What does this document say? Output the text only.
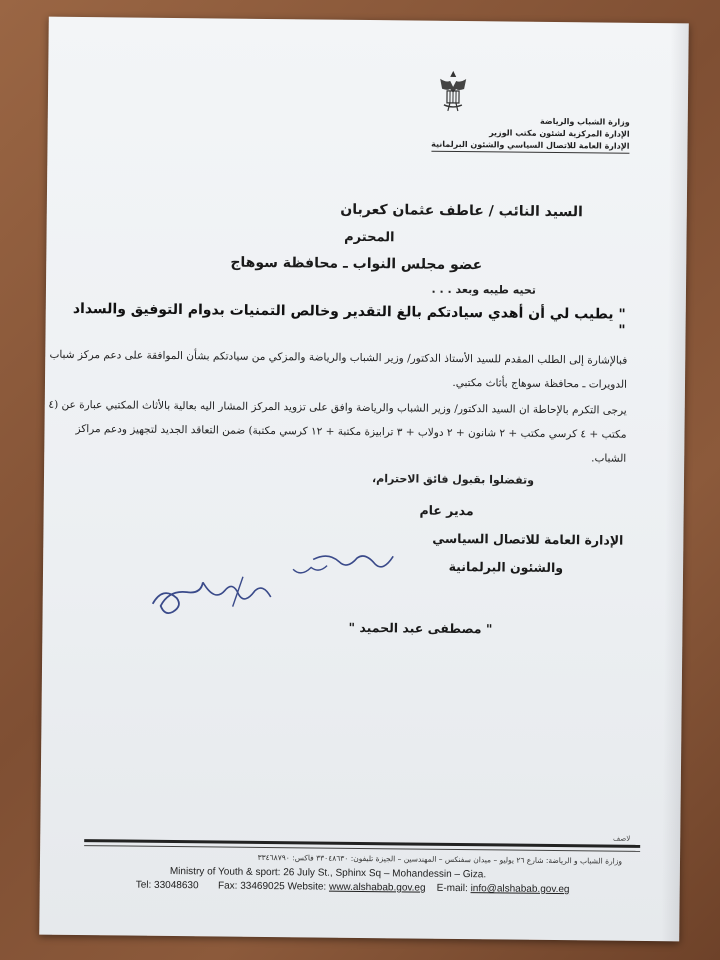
وزارة الشباب والرياضة
الإدارة المركزية لشئون مكتب الوزير
الإدارة العامة للاتصال السياسي والشئون البرلمانية
السيد النائب / عاطف عثمان كعربان
المحترم
عضو مجلس النواب ـ محافظة سوهاج
تحيه طيبه وبعد . . .
" يطيب لي أن أهدي سيادتكم بالغ التقدير وخالص التمنيات بدوام التوفيق والسداد "
فبالإشارة إلى الطلب المقدم للسيد الأستاذ الدكتور/ وزير الشباب والرياضة والمزكي من سيادتكم بشأن الموافقة على دعم مركز شباب الدويرات ـ محافظة سوهاج بأثاث مكتبي.
يرجى التكرم بالإحاطة ان السيد الدكتور/ وزير الشباب والرياضة وافق على تزويد المركز المشار اليه بعالية بالأثاث المكتبي عبارة عن (٤ مكتب + ٤ كرسي مكتب + ٢ شانون + ٢ دولاب + ٣ ترابيزة مكتبة + ١٢ كرسي مكتبة) ضمن التعاقد الجديد لتجهيز ودعم مراكز الشباب.
وتفضلوا بقبول فائق الاحترام،
مدير عام
الإدارة العامة للاتصال السياسي
والشئون البرلمانية
" مصطفى عبد الحميد "
لاصف
وزارة الشباب و الرياضة: شارع ٢٦ يوليو – ميدان سفنكس – المهندسين – الجيزة تليفون: ٣٣٠٤٨٦٣٠ فاكس: ٣٣٤٦٨٧٩٠
Ministry of Youth & sport: 26 July St., Sphinx Sq – Mohandessin – Giza.
Tel: 33048630 Fax: 33469025 Website: www.alshabab.gov.eg E-mail: info@alshabab.gov.eg
